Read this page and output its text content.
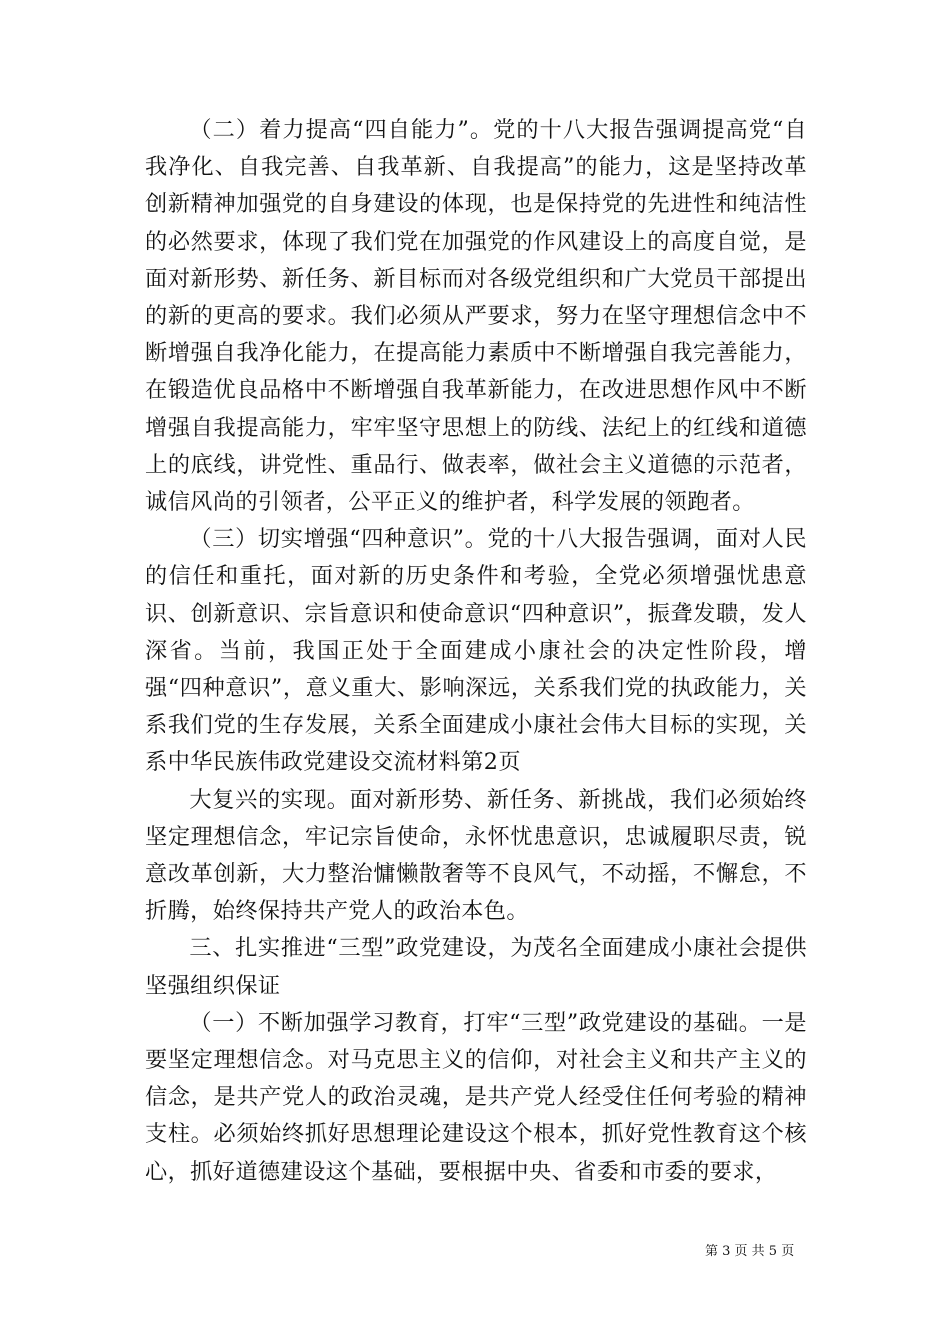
（二）着力提高“四自能力”。党的十八大报告强调提高党“自我净化、自我完善、自我革新、自我提高”的能力，这是坚持改革创新精神加强党的自身建设的体现，也是保持党的先进性和纯洁性的必然要求，体现了我们党在加强党的作风建设上的高度自觉，是面对新形势、新任务、新目标而对各级党组织和广大党员干部提出的新的更高的要求。我们必须从严要求，努力在坚守理想信念中不断增强自我净化能力，在提高能力素质中不断增强自我完善能力，在锻造优良品格中不断增强自我革新能力，在改进思想作风中不断增强自我提高能力，牢牢坚守思想上的防线、法纪上的红线和道德上的底线，讲党性、重品行、做表率，做社会主义道德的示范者，诚信风尚的引领者，公平正义的维护者，科学发展的领跑者。

（三）切实增强“四种意识”。党的十八大报告强调，面对人民的信任和重托，面对新的历史条件和考验，全党必须增强忧患意识、创新意识、宗旨意识和使命意识“四种意识”，振聋发聩，发人深省。当前，我国正处于全面建成小康社会的决定性阶段，增强“四种意识”，意义重大、影响深远，关系我们党的执政能力，关系我们党的生存发展，关系全面建成小康社会伟大目标的实现，关系中华民族伟政党建设交流材料第2页

大复兴的实现。面对新形势、新任务、新挑战，我们必须始终坚定理想信念，牢记宗旨使命，永怀忧患意识，忠诚履职尽责，锐意改革创新，大力整治慵懒散奢等不良风气，不动摇，不懈怠，不折腾，始终保持共产党人的政治本色。

三、扎实推进“三型”政党建设，为茂名全面建成小康社会提供坚强组织保证

（一）不断加强学习教育，打牢“三型”政党建设的基础。一是要坚定理想信念。对马克思主义的信仰，对社会主义和共产主义的信念，是共产党人的政治灵魂，是共产党人经受住任何考验的精神支柱。必须始终抓好思想理论建设这个根本，抓好党性教育这个核心，抓好道德建设这个基础，要根据中央、省委和市委的要求，

第 3 页 共 5 页
